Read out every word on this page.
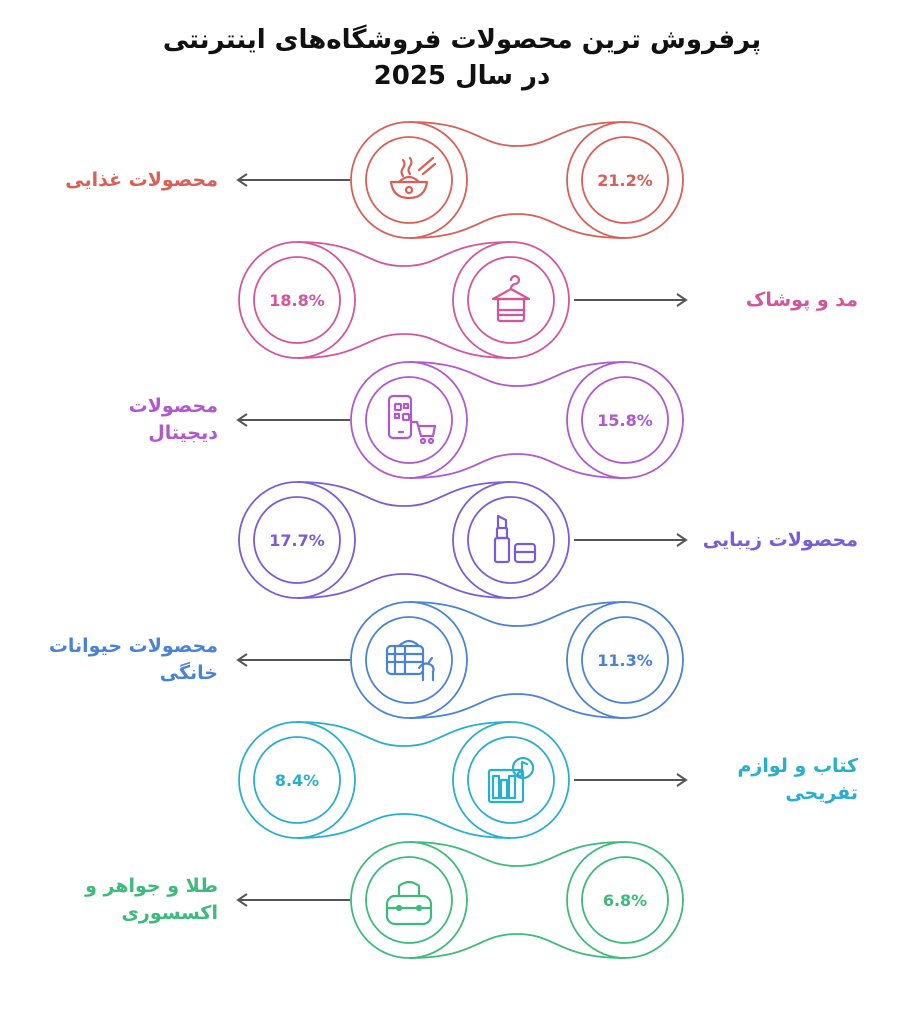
پرفروش ترین محصولات فروشگاه‌های اینترنتی
در سال 2025
21.2%
18.8%
15.8%
17.7%
11.3%
8.4%
6.8%
محصولات غذایی
مد و پوشاک
محصولات
دیجیتال
محصولات زیبایی
محصولات حیوانات
خانگی
کتاب و لوازم
تفریحی
طلا و جواهر و
اکسسوری
